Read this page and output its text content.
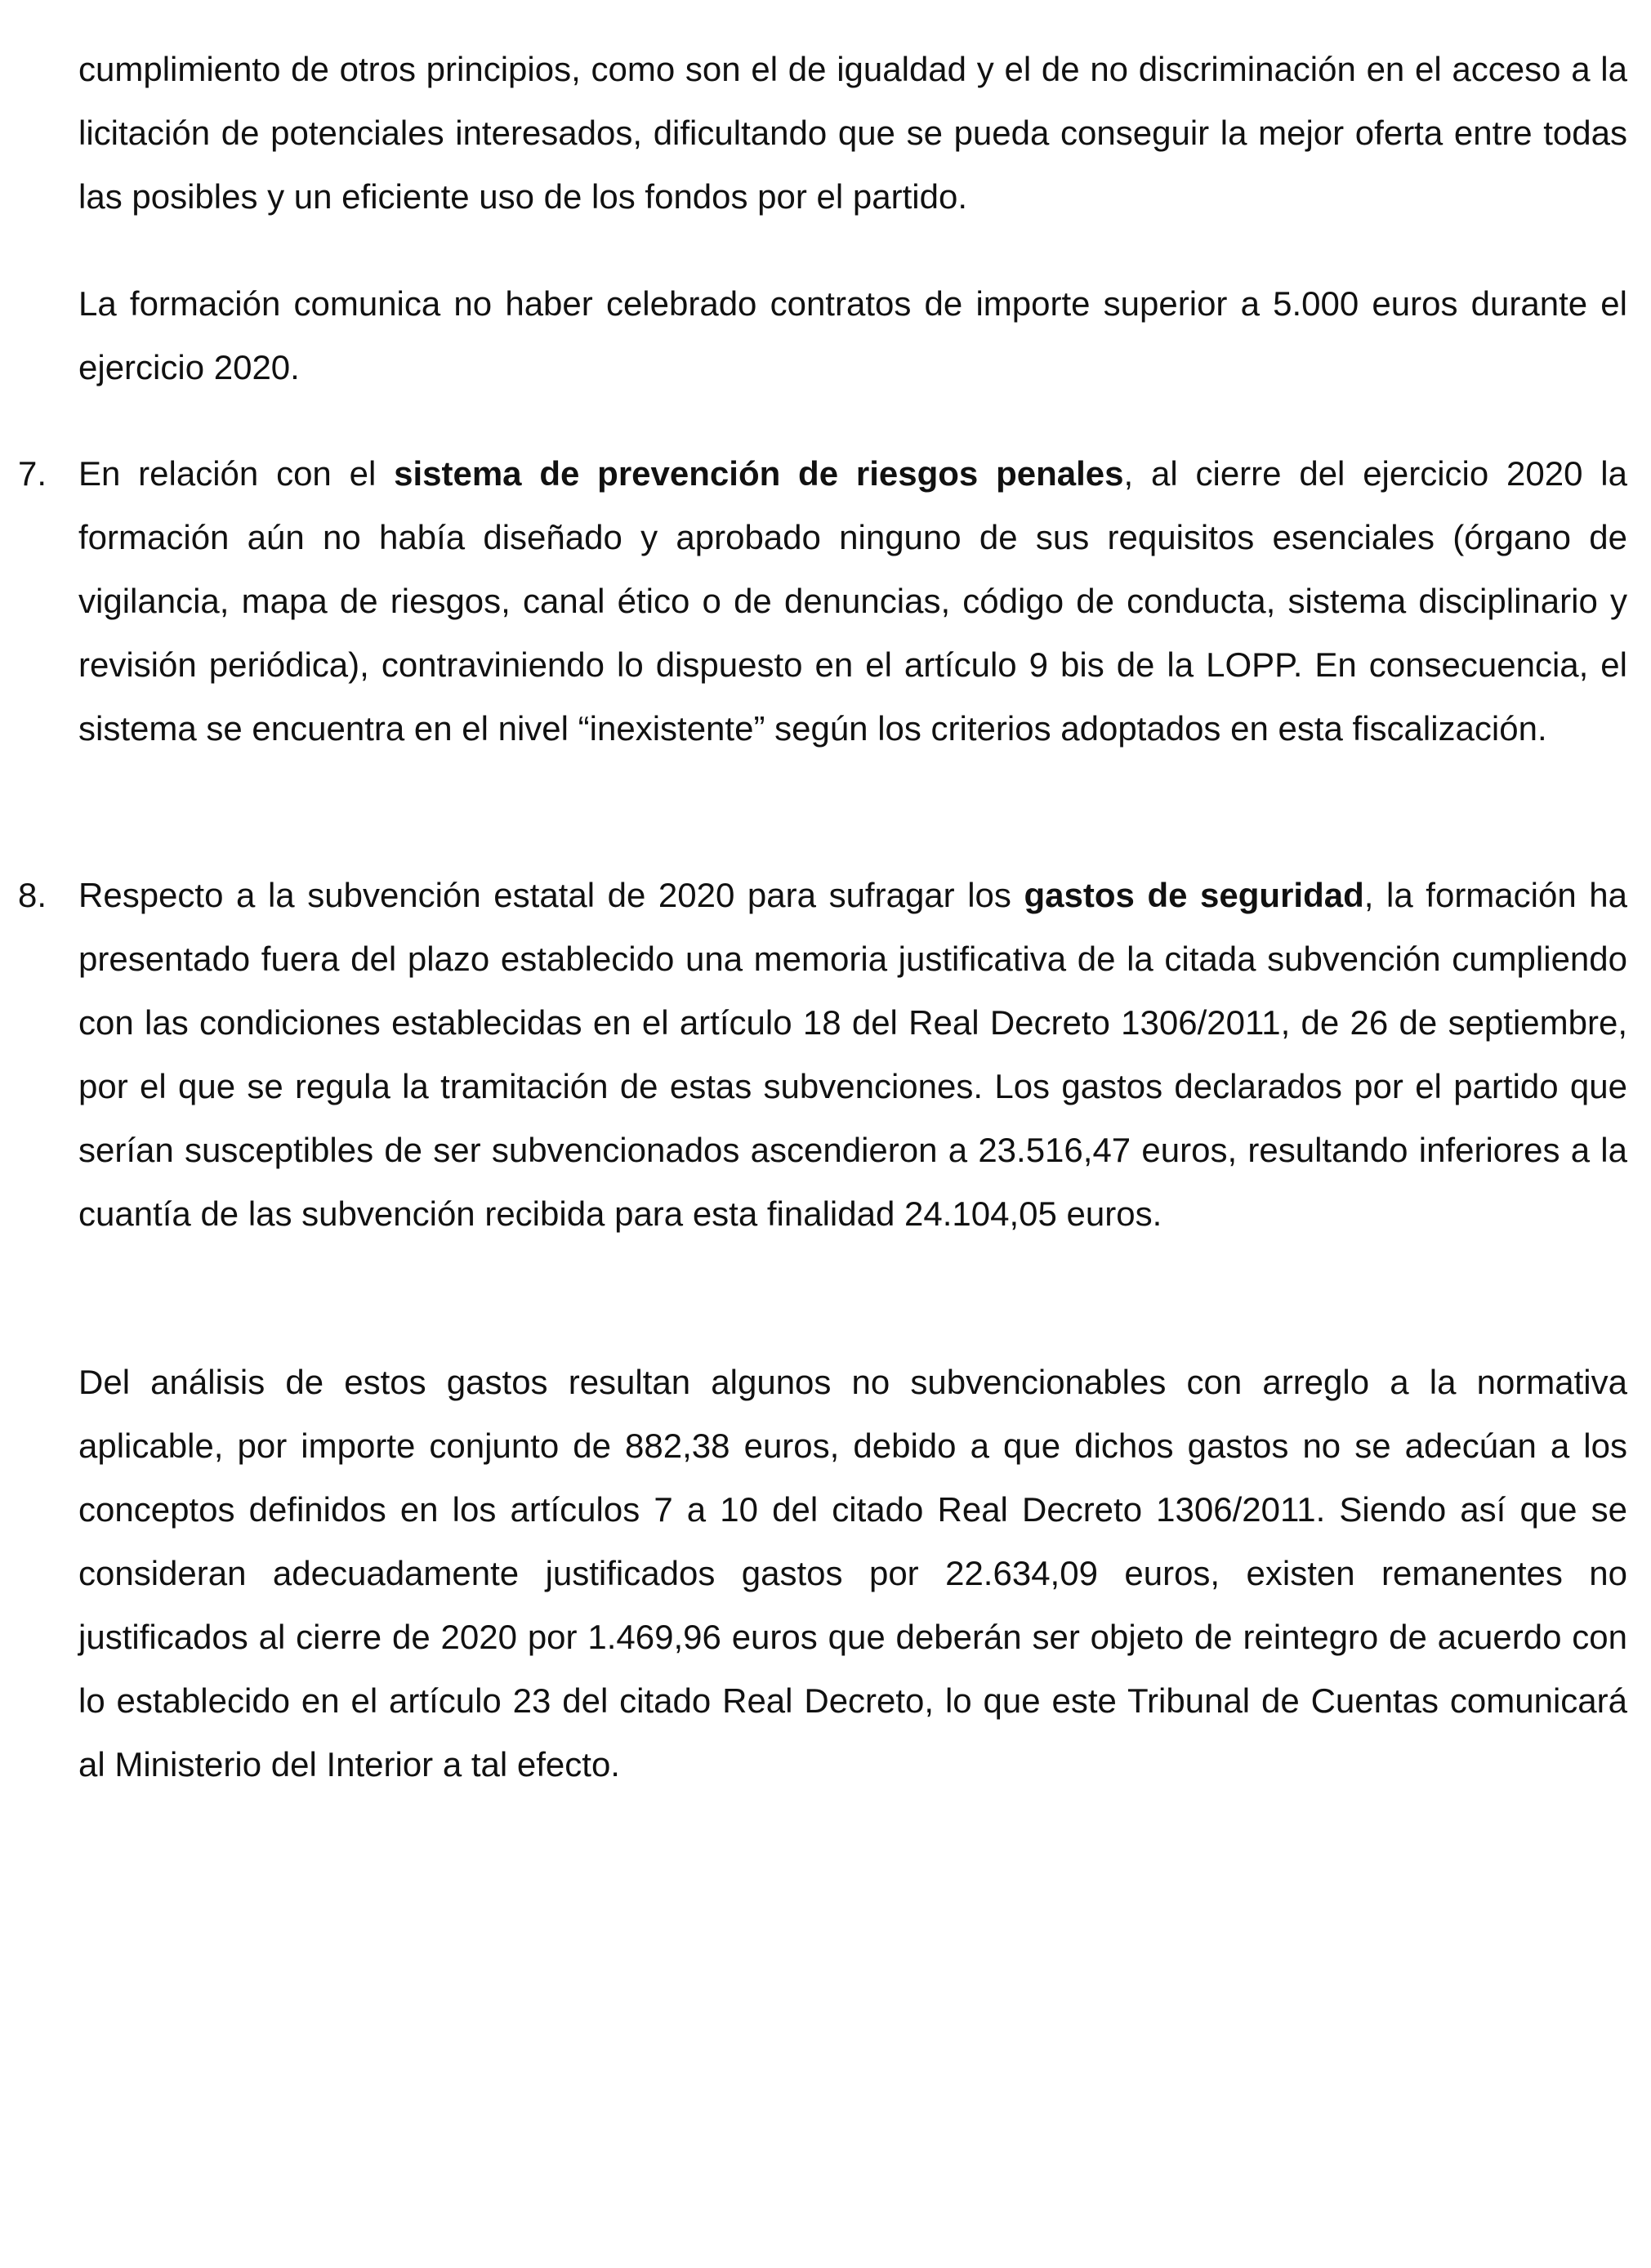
cumplimiento de otros principios, como son el de igualdad y el de no discriminación en el acceso a la licitación de potenciales interesados, dificultando que se pueda conseguir la mejor oferta entre todas las posibles y un eficiente uso de los fondos por el partido.

La formación comunica no haber celebrado contratos de importe superior a 5.000 euros durante el ejercicio 2020.

7. En relación con el sistema de prevención de riesgos penales, al cierre del ejercicio 2020 la formación aún no había diseñado y aprobado ninguno de sus requisitos esenciales (órgano de vigilancia, mapa de riesgos, canal ético o de denuncias, código de conducta, sistema disciplinario y revisión periódica), contraviniendo lo dispuesto en el artículo 9 bis de la LOPP. En consecuencia, el sistema se encuentra en el nivel “inexistente” según los criterios adoptados en esta fiscalización.

8. Respecto a la subvención estatal de 2020 para sufragar los gastos de seguridad, la formación ha presentado fuera del plazo establecido una memoria justificativa de la citada subvención cumpliendo con las condiciones establecidas en el artículo 18 del Real Decreto 1306/2011, de 26 de septiembre, por el que se regula la tramitación de estas subvenciones. Los gastos declarados por el partido que serían susceptibles de ser subvencionados ascendieron a 23.516,47 euros, resultando inferiores a la cuantía de las subvención recibida para esta finalidad 24.104,05 euros.

Del análisis de estos gastos resultan algunos no subvencionables con arreglo a la normativa aplicable, por importe conjunto de 882,38 euros, debido a que dichos gastos no se adecúan a los conceptos definidos en los artículos 7 a 10 del citado Real Decreto 1306/2011. Siendo así que se consideran adecuadamente justificados gastos por 22.634,09 euros, existen remanentes no justificados al cierre de 2020 por 1.469,96 euros que deberán ser objeto de reintegro de acuerdo con lo establecido en el artículo 23 del citado Real Decreto, lo que este Tribunal de Cuentas comunicará al Ministerio del Interior a tal efecto.
